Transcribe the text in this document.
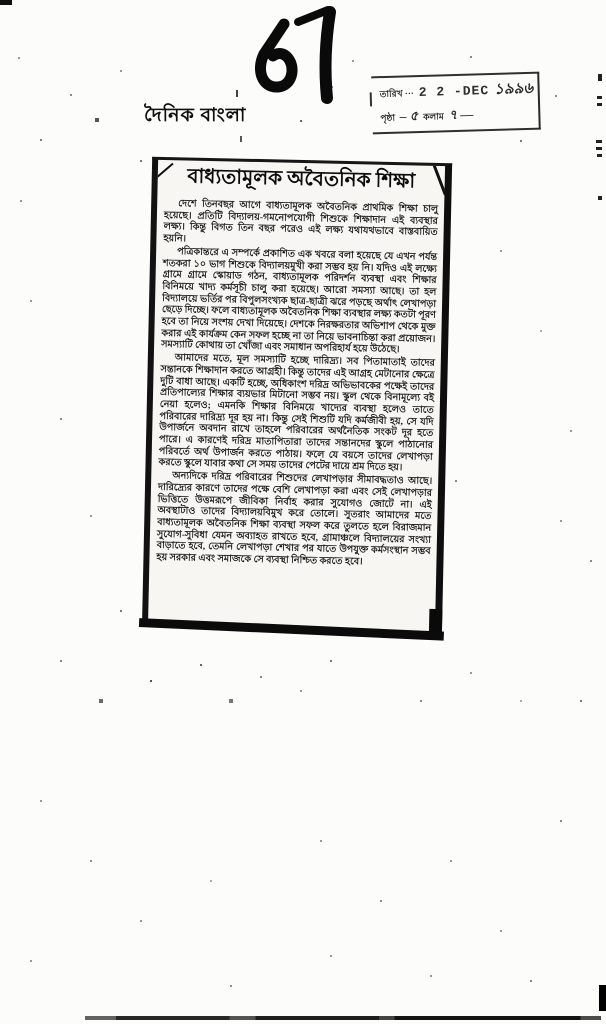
দৈনিক বাংলা
তারিখ ··· 2 2 -DEC ১৯৯৬
পৃষ্ঠা – ৫ কলাম ৭ —
বাধ্যতামূলক অবৈতনিক শিক্ষা

দেশে তিনবছর আগে বাধ্যতামূলক অবৈতনিক প্রাথমিক শিক্ষা চালু হয়েছে। প্রতিটি বিদ্যালয়-গমনোপযোগী শিশুকে শিক্ষাদান এই ব্যবস্থার লক্ষ্য। কিন্তু বিগত তিন বছর পরেও এই লক্ষ্য যথাযথভাবে বাস্তবায়িত হয়নি।

পত্রিকান্তরে এ সম্পর্কে প্রকাশিত এক খবরে বলা হয়েছে যে এখন পর্যন্ত শতকরা ১০ ভাগ শিশুকে বিদ্যালয়মুখী করা সম্ভব হয় নি। যদিও এই লক্ষ্যে গ্রামে গ্রামে স্কোয়াড গঠন, বাধ্যতামূলক পরিদর্শন ব্যবস্থা এবং শিক্ষার বিনিময়ে খাদ্য কর্মসূচী চালু করা হয়েছে। আরো সমস্যা আছে। তা হল বিদ্যালয়ে ভর্তির পর বিপুলসংখ্যক ছাত্র-ছাত্রী ঝরে পড়ছে অর্থাৎ লেখাপড়া ছেড়ে দিচ্ছে। ফলে বাধ্যতামূলক অবৈতনিক শিক্ষা ব্যবস্থার লক্ষ্য কতটা পূরণ হবে তা নিয়ে সংশয় দেখা দিয়েছে। দেশকে নিরক্ষরতার অভিশাপ থেকে মুক্ত করার এই কার্যক্রম কেন সফল হচ্ছে না তা নিয়ে ভাবনাচিন্তা করা প্রয়োজন। সমস্যাটি কোথায় তা খোঁজা এবং সমাধান অপরিহার্য হয়ে উঠেছে।

আমাদের মতে, মূল সমস্যাটি হচ্ছে দারিদ্র্য। সব পিতামাতাই তাদের সন্তানকে শিক্ষাদান করতে আগ্রহী। কিন্তু তাদের এই আগ্রহ মেটানোর ক্ষেত্রে দুটি বাধা আছে। একটি হচ্ছে, অধিকাংশ দরিদ্র অভিভাবকের পক্ষেই তাদের প্রতিপাল্যের শিক্ষার ব্যয়ভার মিটানো সম্ভব নয়। স্কুল থেকে বিনামূল্যে বই নেয়া হলেও; এমনকি শিক্ষার বিনিময়ে খাদ্যের ব্যবস্থা হলেও তাতে পরিবারের দারিদ্র্য দূর হয় না। কিন্তু সেই শিশুটি যদি কর্মজীবী হয়, সে যদি উপার্জনে অবদান রাখে তাহলে পরিবারের অর্থনৈতিক সংকট দূর হতে পারে। এ কারণেই দরিদ্র মাতাপিতারা তাদের সন্তানদের স্কুলে পাঠানোর পরিবর্তে অর্থ উপার্জন করতে পাঠায়। ফলে যে বয়সে তাদের লেখাপড়া করতে স্কুলে যাবার কথা সে সময় তাদের পেটের দায়ে শ্রম দিতে হয়।

অন্যদিকে দরিদ্র পরিবারের শিশুদের লেখাপড়ার সীমাবদ্ধতাও আছে। দারিদ্র্যের কারণে তাদের পক্ষে বেশি লেখাপড়া করা এবং সেই লেখাপড়ার ভিত্তিতে উত্তমরূপে জীবিকা নির্বাহ করার সুযোগও জোটে না। এই অবস্থাটাও তাদের বিদ্যালয়বিমুখ করে তোলে। সুতরাং আমাদের মতে বাধ্যতামূলক অবৈতনিক শিক্ষা ব্যবস্থা সফল করে তুলতে হলে বিরাজমান সুযোগ-সুবিধা যেমন অব্যাহত রাখতে হবে, গ্রামাঞ্চলে বিদ্যালয়ের সংখ্যা বাড়াতে হবে, তেমনি লেখাপড়া শেখার পর যাতে উপযুক্ত কর্মসংস্থান সম্ভব হয় সরকার এবং সমাজকে সে ব্যবস্থা নিশ্চিত করতে হবে।
